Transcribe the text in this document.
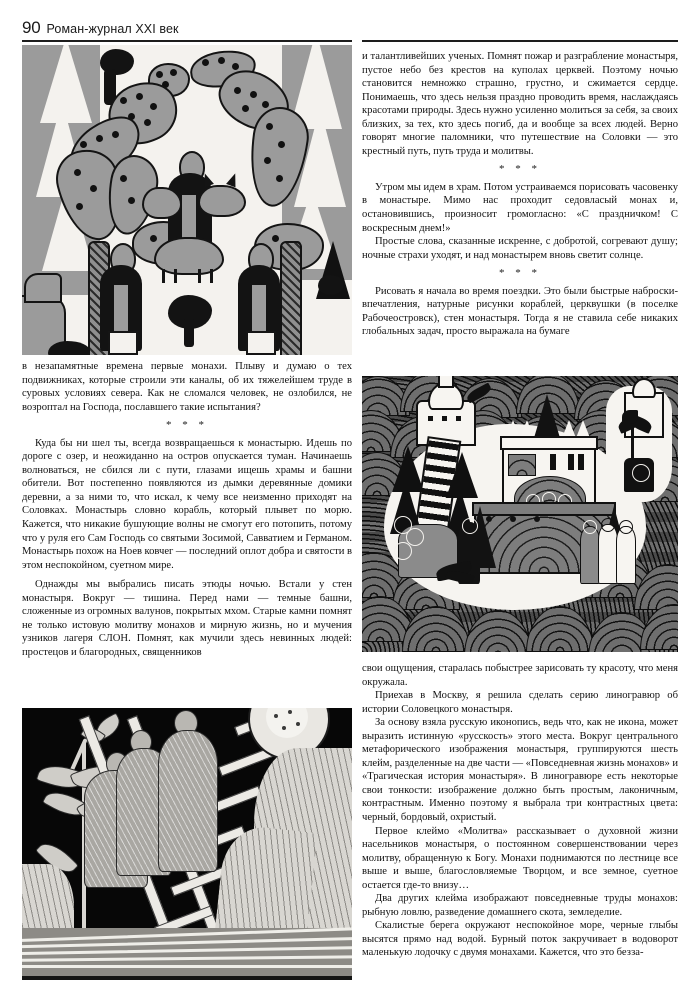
90 Роман-журнал XXI век

в незапамятные времена первые монахи. Плыву и думаю о тех подвижниках, которые строили эти каналы, об их тяжелейшем труде в суровых условиях севера. Как не сломался человек, не озлобился, не возроптал на Господа, пославшего такие испытания?

* * *

Куда бы ни шел ты, всегда возвращаешься к монастырю. Идешь по дороге с озер, и неожиданно на остров опускается туман. Начинаешь волноваться, не сбился ли с пути, глазами ищешь храмы и башни обители. Вот постепенно появляются из дымки деревянные домики деревни, а за ними то, что искал, к чему все неизменно приходят на Соловках. Монастырь словно корабль, который плывет по морю. Кажется, что никакие бушующие волны не смогут его потопить, потому что у руля его Сам Господь со святыми Зосимой, Савватием и Германом. Монастырь похож на Ноев ковчег — последний оплот добра и святости в этом неспокойном, суетном мире.

Однажды мы выбрались писать этюды ночью. Встали у стен монастыря. Вокруг — тишина. Перед нами — темные башни, сложенные из огромных валунов, покрытых мхом. Старые камни помнят не только истовую молитву монахов и мирную жизнь, но и мучения узников лагеря СЛОН. Помнят, как мучили здесь невинных людей: простецов и благородных, священников

и талантливейших ученых. Помнят пожар и разграбление монастыря, пустое небо без крестов на куполах церквей. Поэтому ночью становится немножко страшно, грустно, и сжимается сердце. Понимаешь, что здесь нельзя праздно проводить время, наслаждаясь красотами природы. Здесь нужно усиленно молиться за себя, за своих близких, за тех, кто здесь погиб, да и вообще за всех людей. Верно говорят многие паломники, что путешествие на Соловки — это крестный путь, путь труда и молитвы.

* * *

Утром мы идем в храм. Потом устраиваемся порисовать часовенку в монастыре. Мимо нас проходит седовласый монах и, остановившись, произносит громогласно: «С праздничком! С воскресным днем!»

Простые слова, сказанные искренне, с добротой, согревают душу; ночные страхи уходят, и над монастырем вновь светит солнце.

* * *

Рисовать я начала во время поездки. Это были быстрые наброски-впечатления, натурные рисунки кораблей, церквушки (в поселке Рабочеостровск), стен монастыря. Тогда я не ставила себе никаких глобальных задач, просто выражала на бумаге

свои ощущения, старалась побыстрее зарисовать ту красоту, что меня окружала.

Приехав в Москву, я решила сделать серию линогравюр об истории Соловецкого монастыря.

За основу взяла русскую иконопись, ведь что, как не икона, может выразить истинную «русскость» этого места. Вокруг центрального метафорического изображения монастыря, группируются шесть клейм, разделенные на две части — «Повседневная жизнь монахов» и «Трагическая история монастыря». В линогравюре есть некоторые свои тонкости: изображение должно быть простым, лаконичным, контрастным. Именно поэтому я выбрала три контрастных цвета: черный, бордовый, охристый.

Первое клеймо «Молитва» рассказывает о духовной жизни насельников монастыря, о постоянном совершенствовании через молитву, обращенную к Богу. Монахи поднимаются по лестнице все выше и выше, благословляемые Творцом, и все земное, суетное остается где-то внизу…

Два других клейма изображают повседневные труды монахов: рыбную ловлю, разведение домашнего скота, земледелие.

Скалистые берега окружают неспокойное море, черные глыбы высятся прямо над водой. Бурный поток закручивает в водоворот маленькую лодочку с двумя монахами. Кажется, что это безза-
